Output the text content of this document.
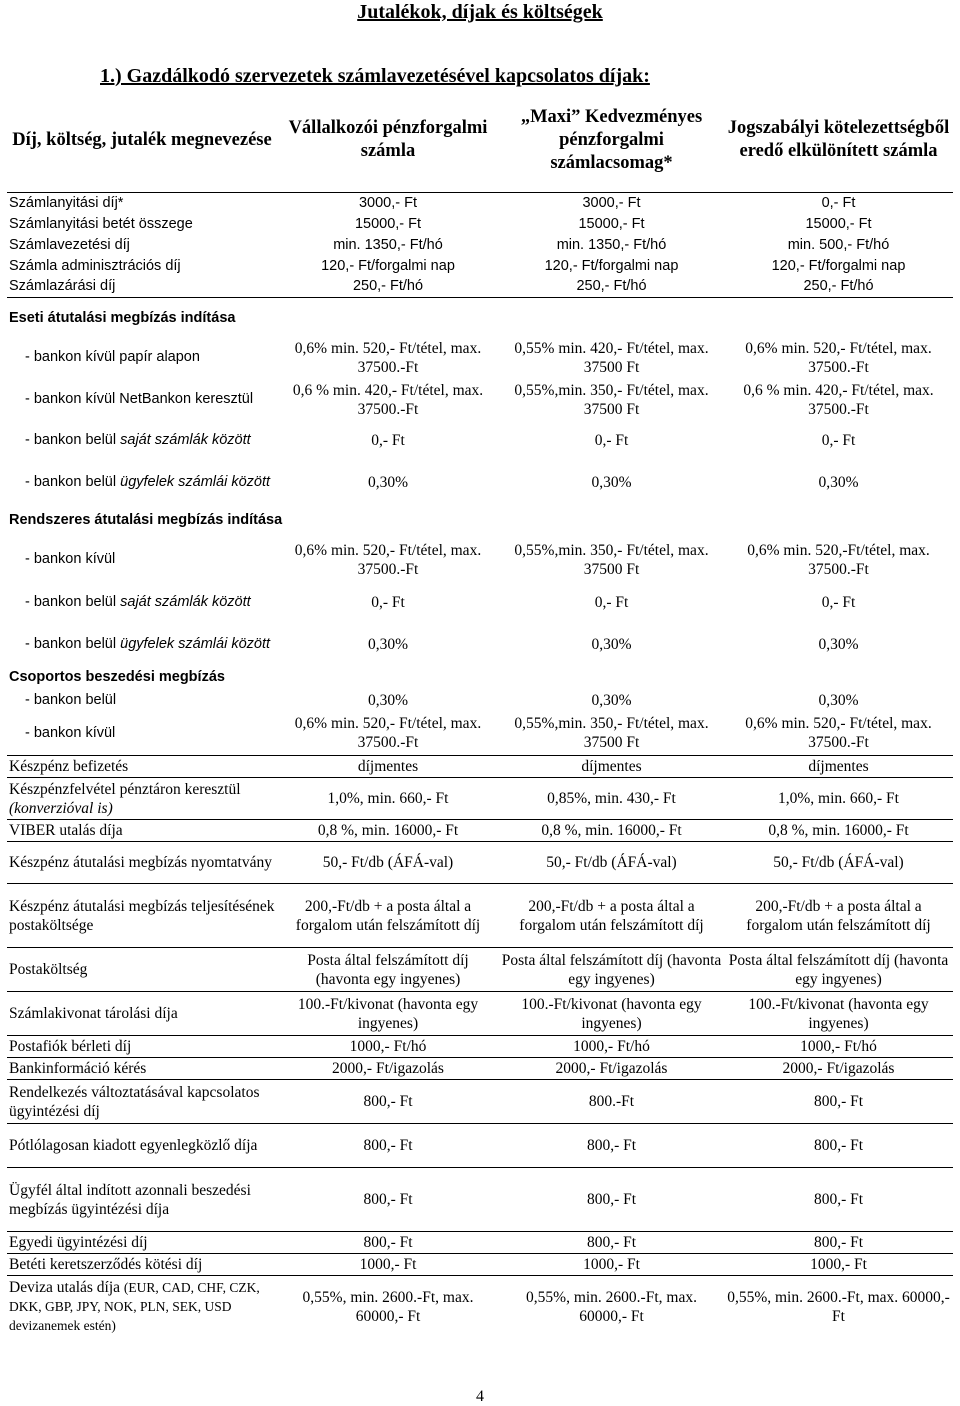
Jutalékok, díjak és költségek
1.) Gazdálkodó szervezetek számlavezetésével kapcsolatos díjak:
Díj, költség, jutalék megnevezése	Vállalkozói pénzforgalmi számla	„Maxi” Kedvezményes pénzforgalmi számlacsomag*	Jogszabályi kötelezettségből eredő elkülönített számla
Számlanyitási díj*	3000,- Ft	3000,- Ft	0,- Ft
Számlanyitási betét összege	15000,- Ft	15000,- Ft	15000,- Ft
Számlavezetési díj	min. 1350,- Ft/hó	min. 1350,- Ft/hó	min. 500,- Ft/hó
Számla adminisztrációs díj	120,- Ft/forgalmi nap	120,- Ft/forgalmi nap	120,- Ft/forgalmi nap
Számlazárási díj	250,- Ft/hó	250,- Ft/hó	250,- Ft/hó
Eseti átutalási megbízás indítása			
- bankon kívül papír alapon	0,6% min. 520,- Ft/tétel, max. 37500.-Ft	0,55% min. 420,- Ft/tétel, max. 37500 Ft	0,6% min. 520,- Ft/tétel, max. 37500.-Ft
- bankon kívül NetBankon keresztül	0,6 % min. 420,- Ft/tétel, max. 37500.-Ft	0,55%,min. 350,- Ft/tétel, max. 37500 Ft	0,6 % min. 420,- Ft/tétel, max. 37500.-Ft
- bankon belül saját számlák között	0,- Ft	0,- Ft	0,- Ft
- bankon belül ügyfelek számlái között	0,30%	0,30%	0,30%
Rendszeres átutalási megbízás indítása			
- bankon kívül	0,6% min. 520,- Ft/tétel, max. 37500.-Ft	0,55%,min. 350,- Ft/tétel, max. 37500 Ft	0,6% min. 520,-Ft/tétel, max. 37500.-Ft
- bankon belül saját számlák között	0,- Ft	0,- Ft	0,- Ft
- bankon belül ügyfelek számlái között	0,30%	0,30%	0,30%
Csoportos beszedési megbízás			
- bankon belül	0,30%	0,30%	0,30%
- bankon kívül	0,6% min. 520,- Ft/tétel, max. 37500.-Ft	0,55%,min. 350,- Ft/tétel, max. 37500 Ft	0,6% min. 520,- Ft/tétel, max. 37500.-Ft
Készpénz befizetés	díjmentes	díjmentes	díjmentes
Készpénzfelvétel pénztáron keresztül (konverzióval is)	1,0%, min. 660,- Ft	0,85%, min. 430,- Ft	1,0%, min. 660,- Ft
VIBER utalás díja	0,8 %, min. 16000,- Ft	0,8 %, min. 16000,- Ft	0,8 %, min. 16000,- Ft
Készpénz átutalási megbízás nyomtatvány	50,- Ft/db (ÁFÁ-val)	50,- Ft/db (ÁFÁ-val)	50,- Ft/db (ÁFÁ-val)
Készpénz átutalási megbízás teljesítésének postaköltsége	200,-Ft/db + a posta által a forgalom után felszámított díj	200,-Ft/db + a posta által a forgalom után felszámított díj	200,-Ft/db + a posta által a forgalom után felszámított díj
Postaköltség	Posta által felszámított díj (havonta egy ingyenes)	Posta által felszámított díj (havonta egy ingyenes)	Posta által felszámított díj (havonta egy ingyenes)
Számlakivonat tárolási díja	100.-Ft/kivonat (havonta egy ingyenes)	100.-Ft/kivonat (havonta egy ingyenes)	100.-Ft/kivonat (havonta egy ingyenes)
Postafiók bérleti díj	1000,- Ft/hó	1000,- Ft/hó	1000,- Ft/hó
Bankinformáció kérés	2000,- Ft/igazolás	2000,- Ft/igazolás	2000,- Ft/igazolás
Rendelkezés változtatásával kapcsolatos ügyintézési díj	800,- Ft	800.-Ft	800,- Ft
Pótlólagosan kiadott egyenlegközlő díja	800,- Ft	800,- Ft	800,- Ft
Ügyfél által indított azonnali beszedési megbízás ügyintézési díja	800,- Ft	800,- Ft	800,- Ft
Egyedi ügyintézési díj	800,- Ft	800,- Ft	800,- Ft
Betéti keretszerződés kötési díj	1000,- Ft	1000,- Ft	1000,- Ft
Deviza utalás díja (EUR, CAD, CHF, CZK, DKK, GBP, JPY, NOK, PLN, SEK, USD devizanemek estén)	0,55%, min. 2600.-Ft, max. 60000,- Ft	0,55%, min. 2600.-Ft, max. 60000,- Ft	0,55%, min. 2600.-Ft, max. 60000,- Ft
4
